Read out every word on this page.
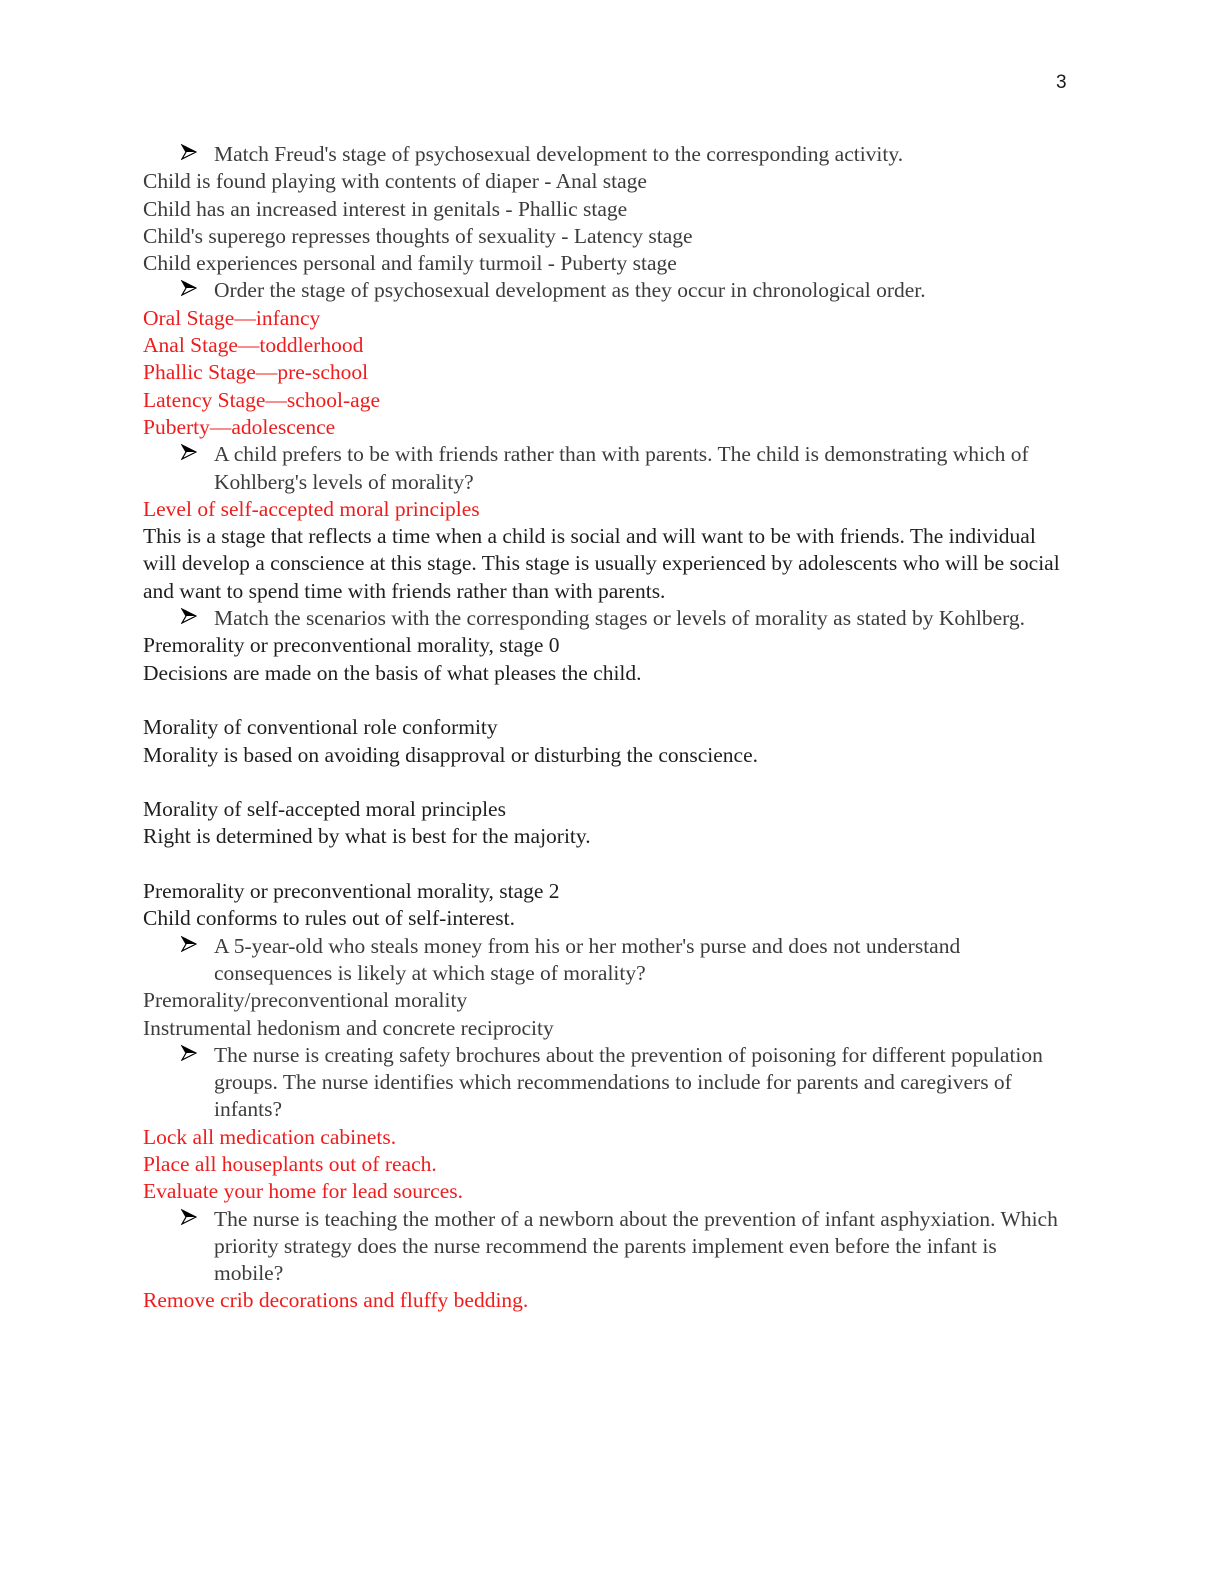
3
Match Freud's stage of psychosexual development to the corresponding activity.
Child is found playing with contents of diaper - Anal stage
Child has an increased interest in genitals - Phallic stage
Child's superego represses thoughts of sexuality - Latency stage
Child experiences personal and family turmoil - Puberty stage
Order the stage of psychosexual development as they occur in chronological order.
Oral Stage—infancy
Anal Stage—toddlerhood
Phallic Stage—pre-school
Latency Stage—school-age
Puberty—adolescence
A child prefers to be with friends rather than with parents. The child is demonstrating which of Kohlberg's levels of morality?
Level of self-accepted moral principles
This is a stage that reflects a time when a child is social and will want to be with friends. The individual will develop a conscience at this stage. This stage is usually experienced by adolescents who will be social and want to spend time with friends rather than with parents.
Match the scenarios with the corresponding stages or levels of morality as stated by Kohlberg.
Premorality or preconventional morality, stage 0
Decisions are made on the basis of what pleases the child.
Morality of conventional role conformity
Morality is based on avoiding disapproval or disturbing the conscience.
Morality of self-accepted moral principles
Right is determined by what is best for the majority.
Premorality or preconventional morality, stage 2
Child conforms to rules out of self-interest.
A 5-year-old who steals money from his or her mother's purse and does not understand consequences is likely at which stage of morality?
Premorality/preconventional morality
Instrumental hedonism and concrete reciprocity
The nurse is creating safety brochures about the prevention of poisoning for different population groups. The nurse identifies which recommendations to include for parents and caregivers of infants?
Lock all medication cabinets.
Place all houseplants out of reach.
Evaluate your home for lead sources.
The nurse is teaching the mother of a newborn about the prevention of infant asphyxiation. Which priority strategy does the nurse recommend the parents implement even before the infant is mobile?
Remove crib decorations and fluffy bedding.
